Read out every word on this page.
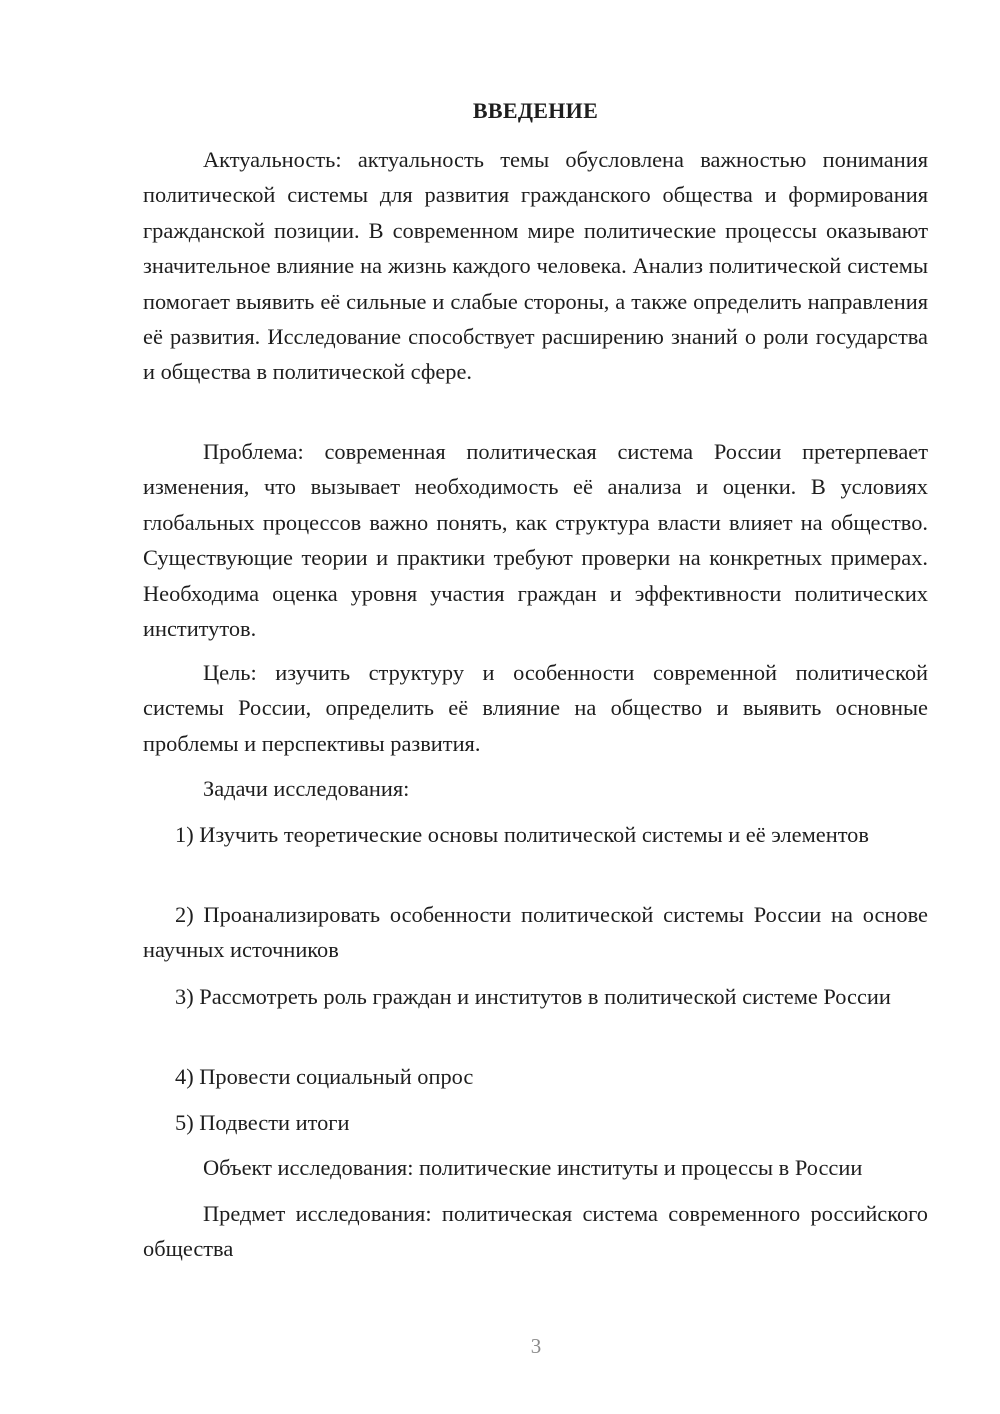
ВВЕДЕНИЕ

Актуальность: актуальность темы обусловлена важностью понимания политической системы для развития гражданского общества и формирования гражданской позиции. В современном мире политические процессы оказывают значительное влияние на жизнь каждого человека. Анализ политической системы помогает выявить её сильные и слабые стороны, а также определить направления её развития. Исследование способствует расширению знаний о роли государства и общества в политической сфере.

Проблема: современная политическая система России претерпевает изменения, что вызывает необходимость её анализа и оценки. В условиях глобальных процессов важно понять, как структура власти влияет на общество. Существующие теории и практики требуют проверки на конкретных примерах. Необходима оценка уровня участия граждан и эффективности политических институтов.

Цель: изучить структуру и особенности современной политической системы России, определить её влияние на общество и выявить основные проблемы и перспективы развития.

Задачи исследования:

1) Изучить теоретические основы политической системы и её элементов

2) Проанализировать особенности политической системы России на основе научных источников

3) Рассмотреть роль граждан и институтов в политической системе России

4) Провести социальный опрос

5) Подвести итоги

Объект исследования: политические институты и процессы в России

Предмет исследования: политическая система современного российского общества

3
